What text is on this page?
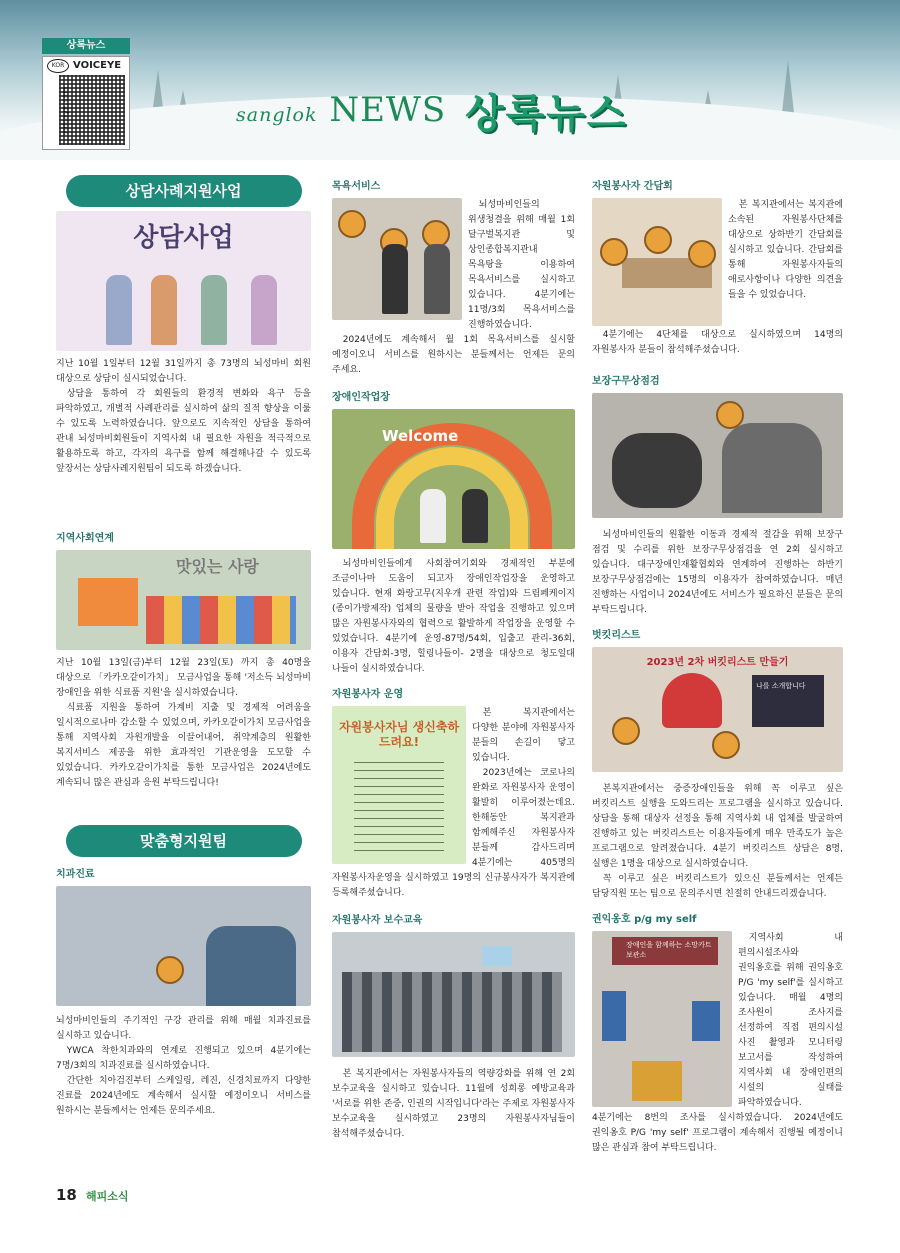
sanglok NEWS 상록뉴스
상록뉴스
KOR VOICEYE
상담사례지원사업
상담사업

지난 10월 1일부터 12월 31일까지 총 73명의 뇌성마비 회원 대상으로 상담이 실시되었습니다.

상담을 통하여 각 회원들의 환경적 변화와 욕구 등을 파악하였고, 개별적 사례관리를 실시하여 삶의 질적 향상을 이룰 수 있도록 노력하였습니다. 앞으로도 지속적인 상담을 통하여 관내 뇌성마비회원들이 지역사회 내 필요한 자원을 적극적으로 활용하도록 하고, 각자의 욕구를 함께 해결해나갈 수 있도록 앞장서는 상담사례지원팀이 되도록 하겠습니다.

지역사회연계
맛있는 사랑

지난 10월 13일(금)부터 12월 23일(토) 까지 총 40명을 대상으로 「카카오같이가치」 모금사업을 통해 '저소득 뇌성마비 장애인을 위한 식료품 지원'을 실시하였습니다.

식료품 지원을 통하여 가계비 지출 및 경제적 어려움을 일시적으로나마 감소할 수 있었으며, 카카오같이가치 모금사업을 통해 지역사회 자원개발을 이끌어내어, 취약계층의 원활한 복지서비스 제공을 위한 효과적인 기관운영을 도모할 수 있었습니다. 카카오같이가치를 통한 모금사업은 2024년에도 계속되니 많은 관심과 응원 부탁드립니다!

맞춤형지원팀
치과진료

뇌성마비인들의 주기적인 구강 관리를 위해 매월 치과진료를 실시하고 있습니다.

YWCA 착한치과와의 연계로 진행되고 있으며 4분기에는 7명/3회의 치과진료를 실시하였습니다.

간단한 치아검진부터 스케일링, 레진, 신경치료까지 다양한 진료를 2024년에도 계속해서 실시할 예정이오니 서비스를 원하시는 분들께서는 언제든 문의주세요.

목욕서비스

뇌성마비인들의 위생청결을 위해 매월 1회 달구벌복지관 및 상인종합복지관내 목욕탕을 이용하여 목욕서비스를 실시하고 있습니다. 4분기에는 11명/3회 목욕서비스를 진행하였습니다.

2024년에도 계속해서 월 1회 목욕서비스를 실시할 예정이오니 서비스를 원하시는 분들께서는 언제든 문의 주세요.

장애인작업장
Welcome

뇌성마비인들에게 사회참여기회와 경제적인 부분에 조금이나마 도움이 되고자 장애인작업장을 운영하고 있습니다. 현재 화랑고무(지우개 관련 작업)와 드림페케이지(종이가방제작) 업체의 물량을 받아 작업을 진행하고 있으며 많은 자원봉사자와의 협력으로 활발하게 작업장을 운영할 수 있었습니다. 4분기에 운영-87명/54회, 입출고 관리-36회, 이용자 간담회-3명, 힐링나들이- 2명을 대상으로 청도일대 나들이 실시하였습니다.

자원봉사자 운영
자원봉사자님 생신축하드려요!

본 복지관에서는 다양한 분야에 자원봉사자 분들의 손길이 닿고 있습니다.

2023년에는 코로나의 완화로 자원봉사자 운영이 활발히 이루어졌는데요. 한해동안 복지관과 함께해주신 자원봉사자 분들께 감사드리며 4분기에는 405명의 자원봉사자운영을 실시하였고 19명의 신규봉사자가 복지관에 등록해주셨습니다.

자원봉사자 보수교육

본 복지관에서는 자원봉사자들의 역량강화를 위해 연 2회 보수교육을 실시하고 있습니다. 11월에 성희롱 예방교육과 '서로를 위한 존중, 인권의 시작입니다'라는 주제로 자원봉사자 보수교육을 실시하였고 23명의 자원봉사자님들이 참석해주셨습니다.

자원봉사자 간담회

본 복지관에서는 복지관에 소속된 자원봉사단체를 대상으로 상하반기 간담회를 실시하고 있습니다. 간담회를 통해 자원봉사자들의 애로사항이나 다양한 의견을 들을 수 있었습니다.

4분기에는 4단체를 대상으로 실시하였으며 14명의 자원봉사자 분들이 참석해주셨습니다.

보장구무상점검

뇌성마비인들의 원활한 이동과 경제적 절감을 위해 보장구 점검 및 수리를 위한 보장구무상점검을 연 2회 실시하고 있습니다. 대구장애인재활협회와 연계하여 진행하는 하반기 보장구무상점검에는 15명의 이용자가 참여하였습니다. 매년 진행하는 사업이니 2024년에도 서비스가 필요하신 분들은 문의 부탁드립니다.

벗킷리스트
2023년 2차 버킷리스트 만들기
나를 소개합니다

본복지관에서는 중증장애인들을 위해 꼭 이루고 싶은 버킷리스트 실행을 도와드리는 프로그램을 실시하고 있습니다. 상담을 통해 대상자 선정을 통해 지역사회 내 업체를 발굴하여 진행하고 있는 버킷리스트는 이용자들에게 매우 만족도가 높은 프로그램으로 알려졌습니다. 4분기 버킷리스트 상담은 8명, 실행은 1명을 대상으로 실시하였습니다.

꼭 이루고 싶은 버킷리스트가 있으신 분들께서는 언제든 담당직원 또는 팀으로 문의주시면 친절히 안내드리겠습니다.

권익옹호 p/g my self
장애인을 함께하는 소망카트 보관소

지역사회 내 편의시설조사와 권익옹호를 위해 권익옹호 P/G 'my self'를 실시하고 있습니다. 매월 4명의 조사원이 조사지를 선정하여 직접 편의시설 사진 촬영과 모니터링 보고서를 작성하여 지역사회 내 장애인편의 시설의 실태를 파악하였습니다.

4분기에는 8번의 조사를 실시하였습니다. 2024년에도 권익옹호 P/G 'my self' 프로그램이 계속해서 진행될 예정이니 많은 관심과 참여 부탁드립니다.

18 해피소식
